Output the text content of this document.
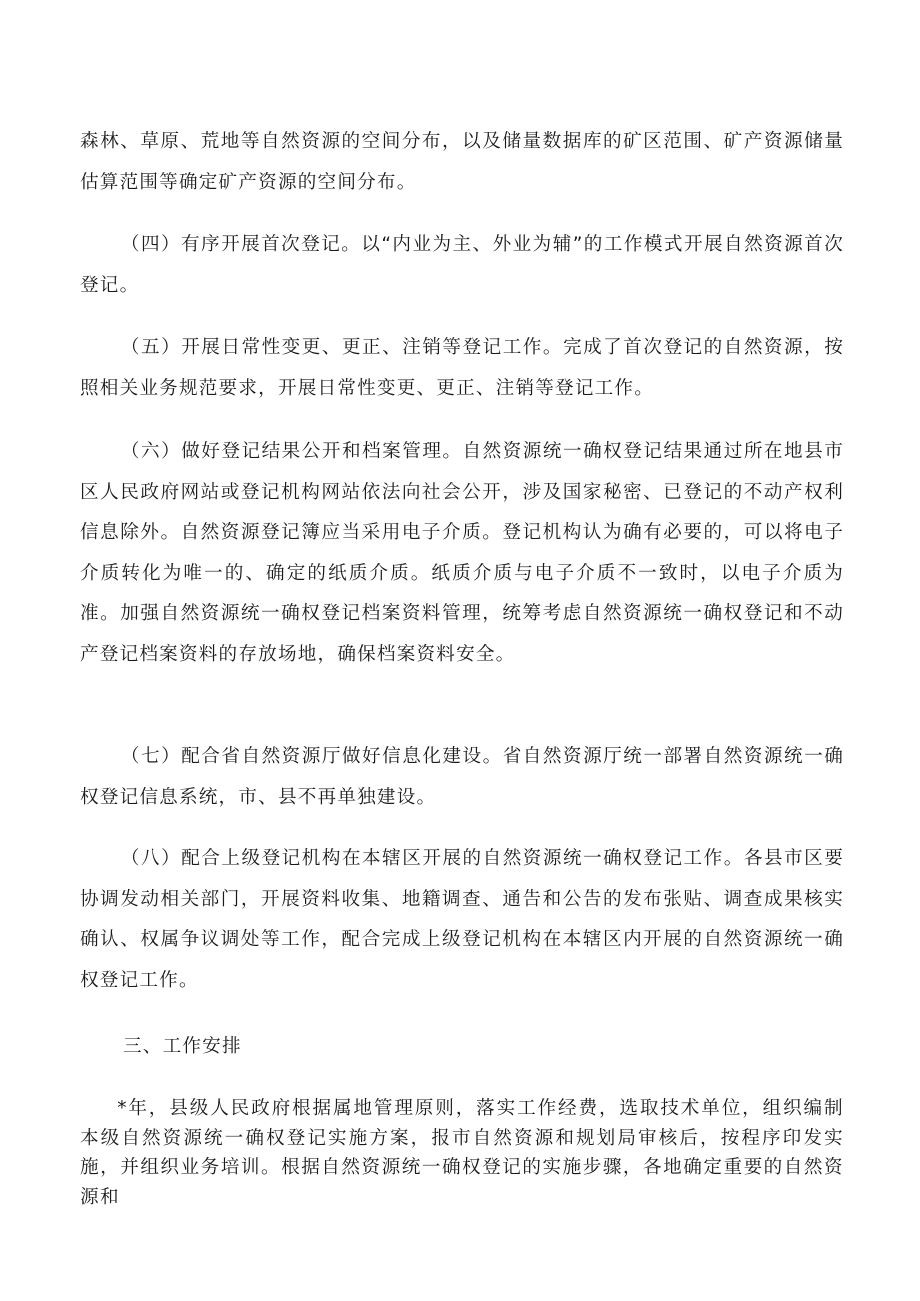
森林、草原、荒地等自然资源的空间分布，以及储量数据库的矿区范围、矿产资源储量估算范围等确定矿产资源的空间分布。

（四）有序开展首次登记。以“内业为主、外业为辅”的工作模式开展自然资源首次登记。

（五）开展日常性变更、更正、注销等登记工作。完成了首次登记的自然资源，按照相关业务规范要求，开展日常性变更、更正、注销等登记工作。

（六）做好登记结果公开和档案管理。自然资源统一确权登记结果通过所在地县市区人民政府网站或登记机构网站依法向社会公开，涉及国家秘密、已登记的不动产权利信息除外。自然资源登记簿应当采用电子介质。登记机构认为确有必要的，可以将电子介质转化为唯一的、确定的纸质介质。纸质介质与电子介质不一致时，以电子介质为准。加强自然资源统一确权登记档案资料管理，统筹考虑自然资源统一确权登记和不动产登记档案资料的存放场地，确保档案资料安全。

（七）配合省自然资源厅做好信息化建设。省自然资源厅统一部署自然资源统一确权登记信息系统，市、县不再单独建设。

（八）配合上级登记机构在本辖区开展的自然资源统一确权登记工作。各县市区要协调发动相关部门，开展资料收集、地籍调查、通告和公告的发布张贴、调查成果核实确认、权属争议调处等工作，配合完成上级登记机构在本辖区内开展的自然资源统一确权登记工作。

三、工作安排

*年，县级人民政府根据属地管理原则，落实工作经费，选取技术单位，组织编制本级自然资源统一确权登记实施方案，报市自然资源和规划局审核后，按程序印发实施，并组织业务培训。根据自然资源统一确权登记的实施步骤，各地确定重要的自然资源和
